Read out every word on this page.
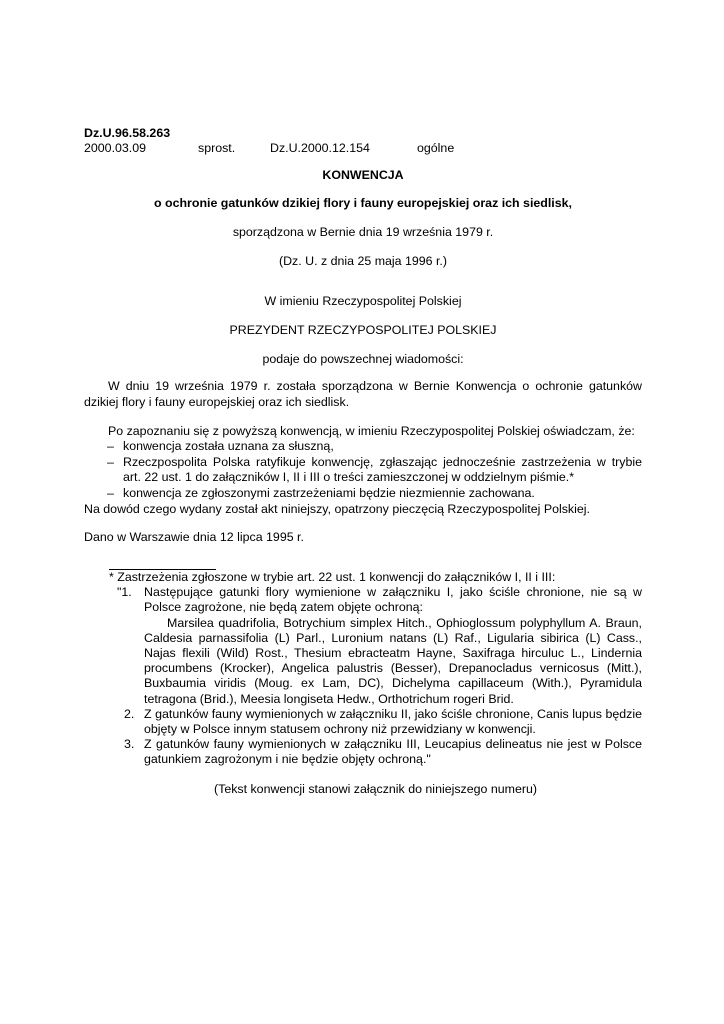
Dz.U.96.58.263

2000.03.09	sprost.	Dz.U.2000.12.154	ogólne

KONWENCJA

o ochronie gatunków dzikiej flory i fauny europejskiej oraz ich siedlisk,

sporządzona w Bernie dnia 19 września 1979 r.

(Dz. U. z dnia 25 maja 1996 r.)

W imieniu Rzeczypospolitej Polskiej

PREZYDENT RZECZYPOSPOLITEJ POLSKIEJ

podaje do powszechnej wiadomości:

W dniu 19 września 1979 r. została sporządzona w Bernie Konwencja o ochronie gatunków dzikiej flory i fauny europejskiej oraz ich siedlisk.

Po zapoznaniu się z powyższą konwencją, w imieniu Rzeczypospolitej Polskiej oświadczam, że:

– konwencja została uznana za słuszną,
– Rzeczpospolita Polska ratyfikuje konwencję, zgłaszając jednocześnie zastrzeżenia w trybie art. 22 ust. 1 do załączników I, II i III o treści zamieszczonej w oddzielnym piśmie.*
– konwencja ze zgłoszonymi zastrzeżeniami będzie niezmiennie zachowana.

Na dowód czego wydany został akt niniejszy, opatrzony pieczęcią Rzeczypospolitej Polskiej.

Dano w Warszawie dnia 12 lipca 1995 r.

* Zastrzeżenia zgłoszone w trybie art. 22 ust. 1 konwencji do załączników I, II i III:

"1. Następujące gatunki flory wymienione w załączniku I, jako ściśle chronione, nie są w Polsce zagrożone, nie będą zatem objęte ochroną:

Marsilea quadrifolia, Botrychium simplex Hitch., Ophioglossum polyphyllum A. Braun, Caldesia parnassifolia (L) Parl., Luronium natans (L) Raf., Ligularia sibirica (L) Cass., Najas flexili (Wild) Rost., Thesium ebracteatm Hayne, Saxifraga hirculuc L., Lindernia procumbens (Krocker), Angelica palustris (Besser), Drepanocladus vernicosus (Mitt.), Buxbaumia viridis (Moug. ex Lam, DC), Dichelyma capillaceum (With.), Pyramidula tetragona (Brid.), Meesia longiseta Hedw., Orthotrichum rogeri Brid.

2. Z gatunków fauny wymienionych w załączniku II, jako ściśle chronione, Canis lupus będzie objęty w Polsce innym statusem ochrony niż przewidziany w konwencji.
3. Z gatunków fauny wymienionych w załączniku III, Leucapius delineatus nie jest w Polsce gatunkiem zagrożonym i nie będzie objęty ochroną."

(Tekst konwencji stanowi załącznik do niniejszego numeru)
